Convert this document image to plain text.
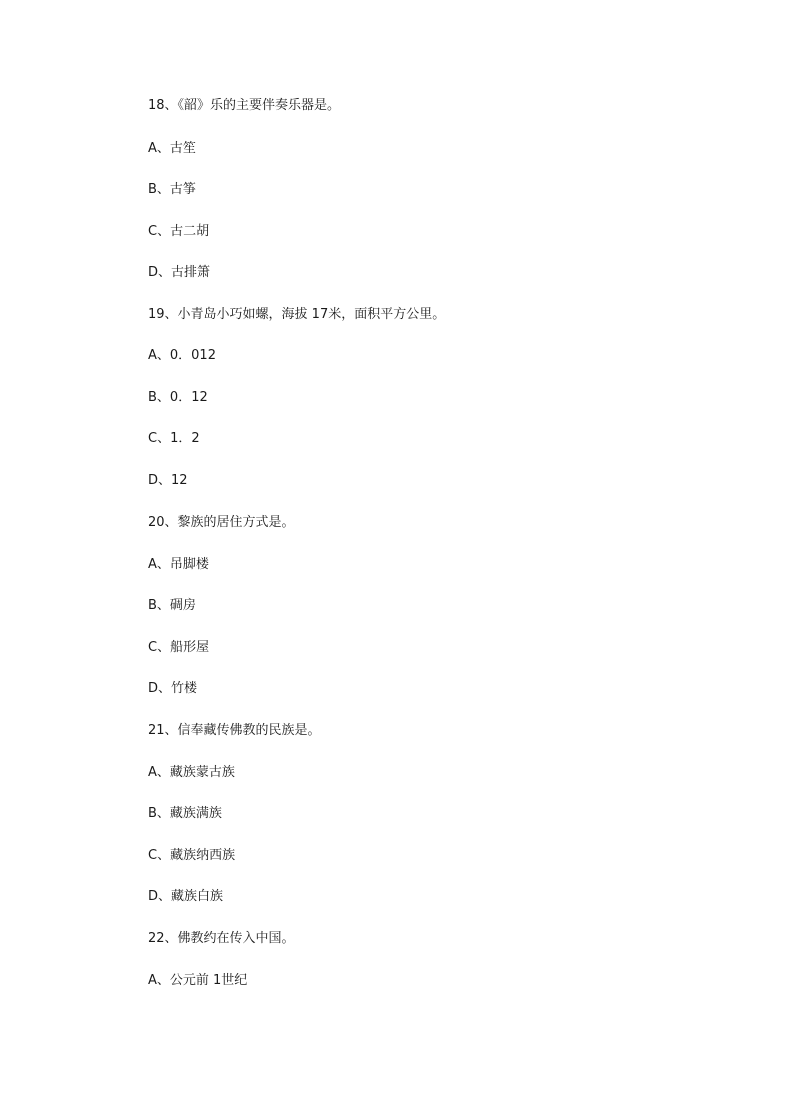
18、《韶》乐的主要伴奏乐器是。
A、古笙
B、古筝
C、古二胡
D、古排箫
19、小青岛小巧如螺，海拔 17米，面积平方公里。
A、0．012
B、0．12
C、1．2
D、12
20、黎族的居住方式是。
A、吊脚楼
B、碉房
C、船形屋
D、竹楼
21、信奉藏传佛教的民族是。
A、藏族蒙古族
B、藏族满族
C、藏族纳西族
D、藏族白族
22、佛教约在传入中国。
A、公元前 1世纪
